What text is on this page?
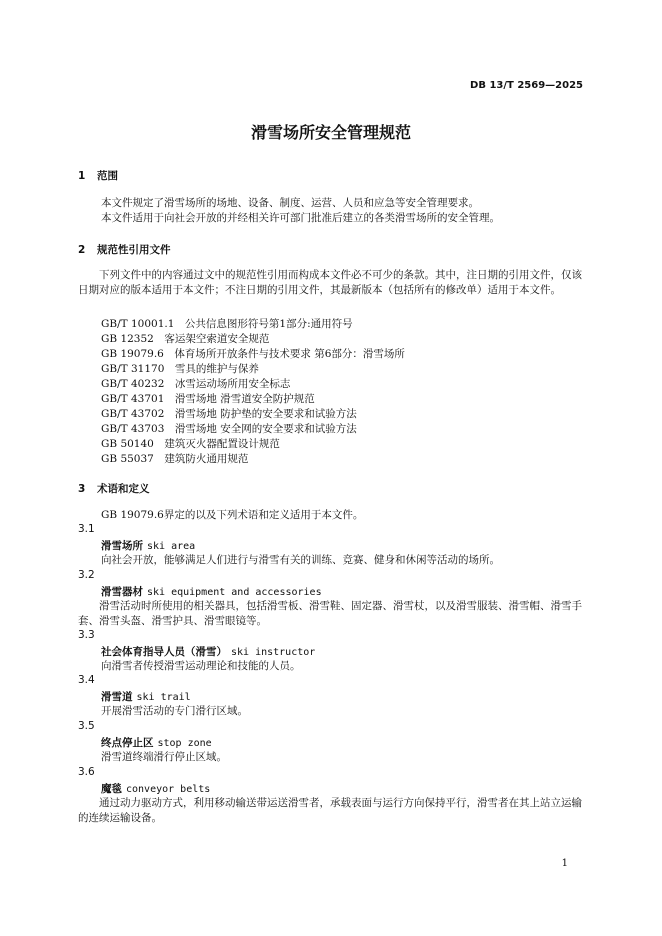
DB 13/T 2569—2025
滑雪场所安全管理规范
1 范围
本文件规定了滑雪场所的场地、设备、制度、运营、人员和应急等安全管理要求。
本文件适用于向社会开放的并经相关许可部门批准后建立的各类滑雪场所的安全管理。
2 规范性引用文件
下列文件中的内容通过文中的规范性引用而构成本文件必不可少的条款。其中，注日期的引用文件，仅该日期对应的版本适用于本文件；不注日期的引用文件，其最新版本（包括所有的修改单）适用于本文件。
GB/T 10001.1　公共信息图形符号第1部分:通用符号
GB 12352　客运架空索道安全规范
GB 19079.6　体育场所开放条件与技术要求 第6部分：滑雪场所
GB/T 31170　雪具的维护与保养
GB/T 40232　冰雪运动场所用安全标志
GB/T 43701　滑雪场地 滑雪道安全防护规范
GB/T 43702　滑雪场地 防护垫的安全要求和试验方法
GB/T 43703　滑雪场地 安全网的安全要求和试验方法
GB 50140　建筑灭火器配置设计规范
GB 55037　建筑防火通用规范
3 术语和定义
GB 19079.6界定的以及下列术语和定义适用于本文件。
3.1
滑雪场所 ski area
向社会开放，能够满足人们进行与滑雪有关的训练、竞赛、健身和休闲等活动的场所。
3.2
滑雪器材 ski equipment and accessories
滑雪活动时所使用的相关器具，包括滑雪板、滑雪鞋、固定器、滑雪杖，以及滑雪服装、滑雪帽、滑雪手套、滑雪头盔、滑雪护具、滑雪眼镜等。
3.3
社会体育指导人员（滑雪） ski instructor
向滑雪者传授滑雪运动理论和技能的人员。
3.4
滑雪道 ski trail
开展滑雪活动的专门滑行区域。
3.5
终点停止区 stop zone
滑雪道终端滑行停止区域。
3.6
魔毯 conveyor belts
通过动力驱动方式，利用移动输送带运送滑雪者，承载表面与运行方向保持平行，滑雪者在其上站立运输的连续运输设备。
1
